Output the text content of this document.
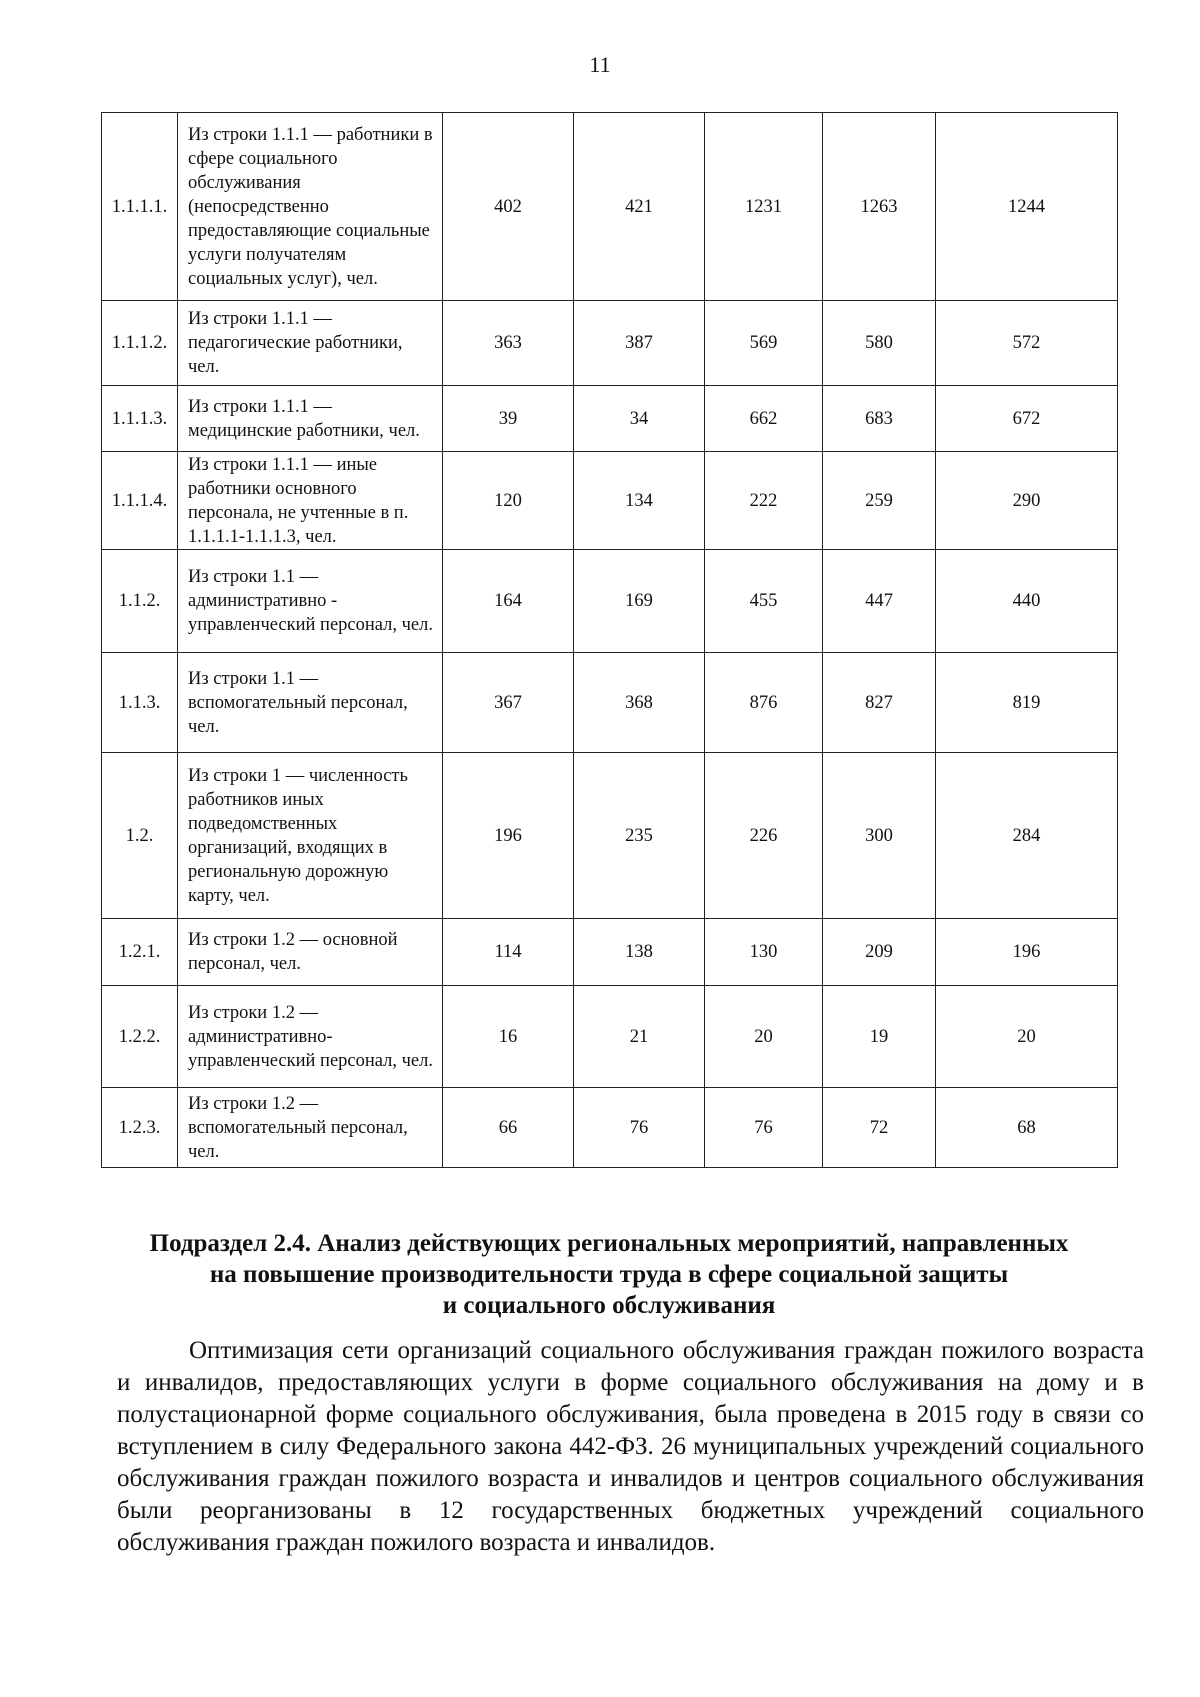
11
1.1.1.1.	Из строки 1.1.1 — работники в сфере социального обслуживания (непосредственно предоставляющие социальные услуги получателям социальных услуг), чел.	402	421	1231	1263	1244
1.1.1.2.	Из строки 1.1.1 — педагогические работники, чел.	363	387	569	580	572
1.1.1.3.	Из строки 1.1.1 — медицинские работники, чел.	39	34	662	683	672
1.1.1.4.	Из строки 1.1.1 — иные работники основного персонала, не учтенные в п. 1.1.1.1-1.1.1.3, чел.	120	134	222	259	290
1.1.2.	Из строки 1.1 — административно - управленческий персонал, чел.	164	169	455	447	440
1.1.3.	Из строки 1.1 — вспомогательный персонал, чел.	367	368	876	827	819
1.2.	Из строки 1 — численность работников иных подведомственных организаций, входящих в региональную дорожную карту, чел.	196	235	226	300	284
1.2.1.	Из строки 1.2 — основной персонал, чел.	114	138	130	209	196
1.2.2.	Из строки 1.2 — административно-управленческий персонал, чел.	16	21	20	19	20
1.2.3.	Из строки 1.2 — вспомогательный персонал, чел.	66	76	76	72	68
Подраздел 2.4. Анализ действующих региональных мероприятий, направленных
на повышение производительности труда в сфере социальной защиты
и социального обслуживания

Оптимизация сети организаций социального обслуживания граждан пожилого возраста и инвалидов, предоставляющих услуги в форме социального обслуживания на дому и в полустационарной форме социального обслуживания, была проведена в 2015 году в связи со вступлением в силу Федерального закона 442-ФЗ. 26 муниципальных учреждений социального обслуживания граждан пожилого возраста и инвалидов и центров социального обслуживания были реорганизованы в 12 государственных бюджетных учреждений социального обслуживания граждан пожилого возраста и инвалидов.
